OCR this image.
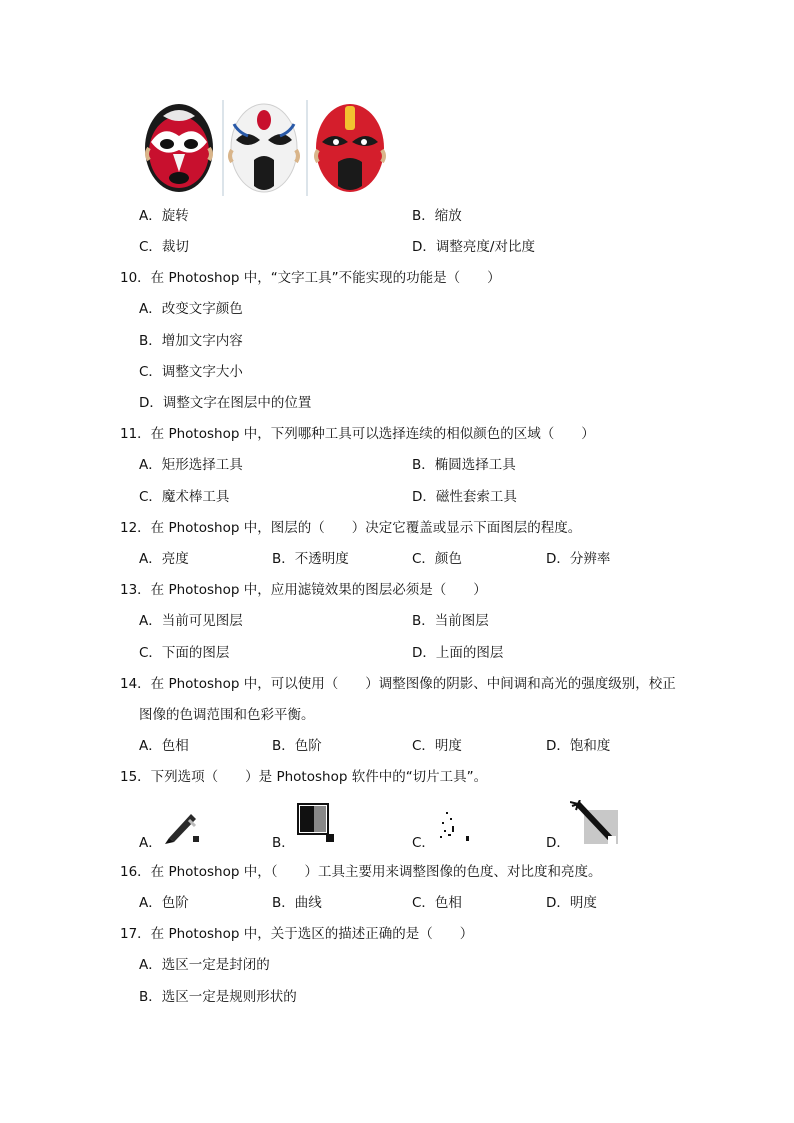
A．旋转	B．缩放
C．裁切	D．调整亮度/对比度
10．在 Photoshop 中，“文字工具”不能实现的功能是（　　）
A．改变文字颜色
B．增加文字内容
C．调整文字大小
D．调整文字在图层中的位置
11．在 Photoshop 中，下列哪种工具可以选择连续的相似颜色的区域（　　）
A．矩形选择工具	B．椭圆选择工具
C．魔术棒工具	D．磁性套索工具
12．在 Photoshop 中，图层的（　　）决定它覆盖或显示下面图层的程度。
A．亮度	B．不透明度	C．颜色	D．分辨率
13．在 Photoshop 中，应用滤镜效果的图层必须是（　　）
A．当前可见图层	B．当前图层
C．下面的图层	D．上面的图层
14．在 Photoshop 中，可以使用（　　）调整图像的阴影、中间调和高光的强度级别，校正
图像的色调范围和色彩平衡。
A．色相	B．色阶	C．明度	D．饱和度
15．下列选项（　　）是 Photoshop 软件中的“切片工具”。
A．	B．	C．	D．
16．在 Photoshop 中，（　　）工具主要用来调整图像的色度、对比度和亮度。
A．色阶	B．曲线	C．色相	D．明度
17．在 Photoshop 中，关于选区的描述正确的是（　　）
A．选区一定是封闭的
B．选区一定是规则形状的
